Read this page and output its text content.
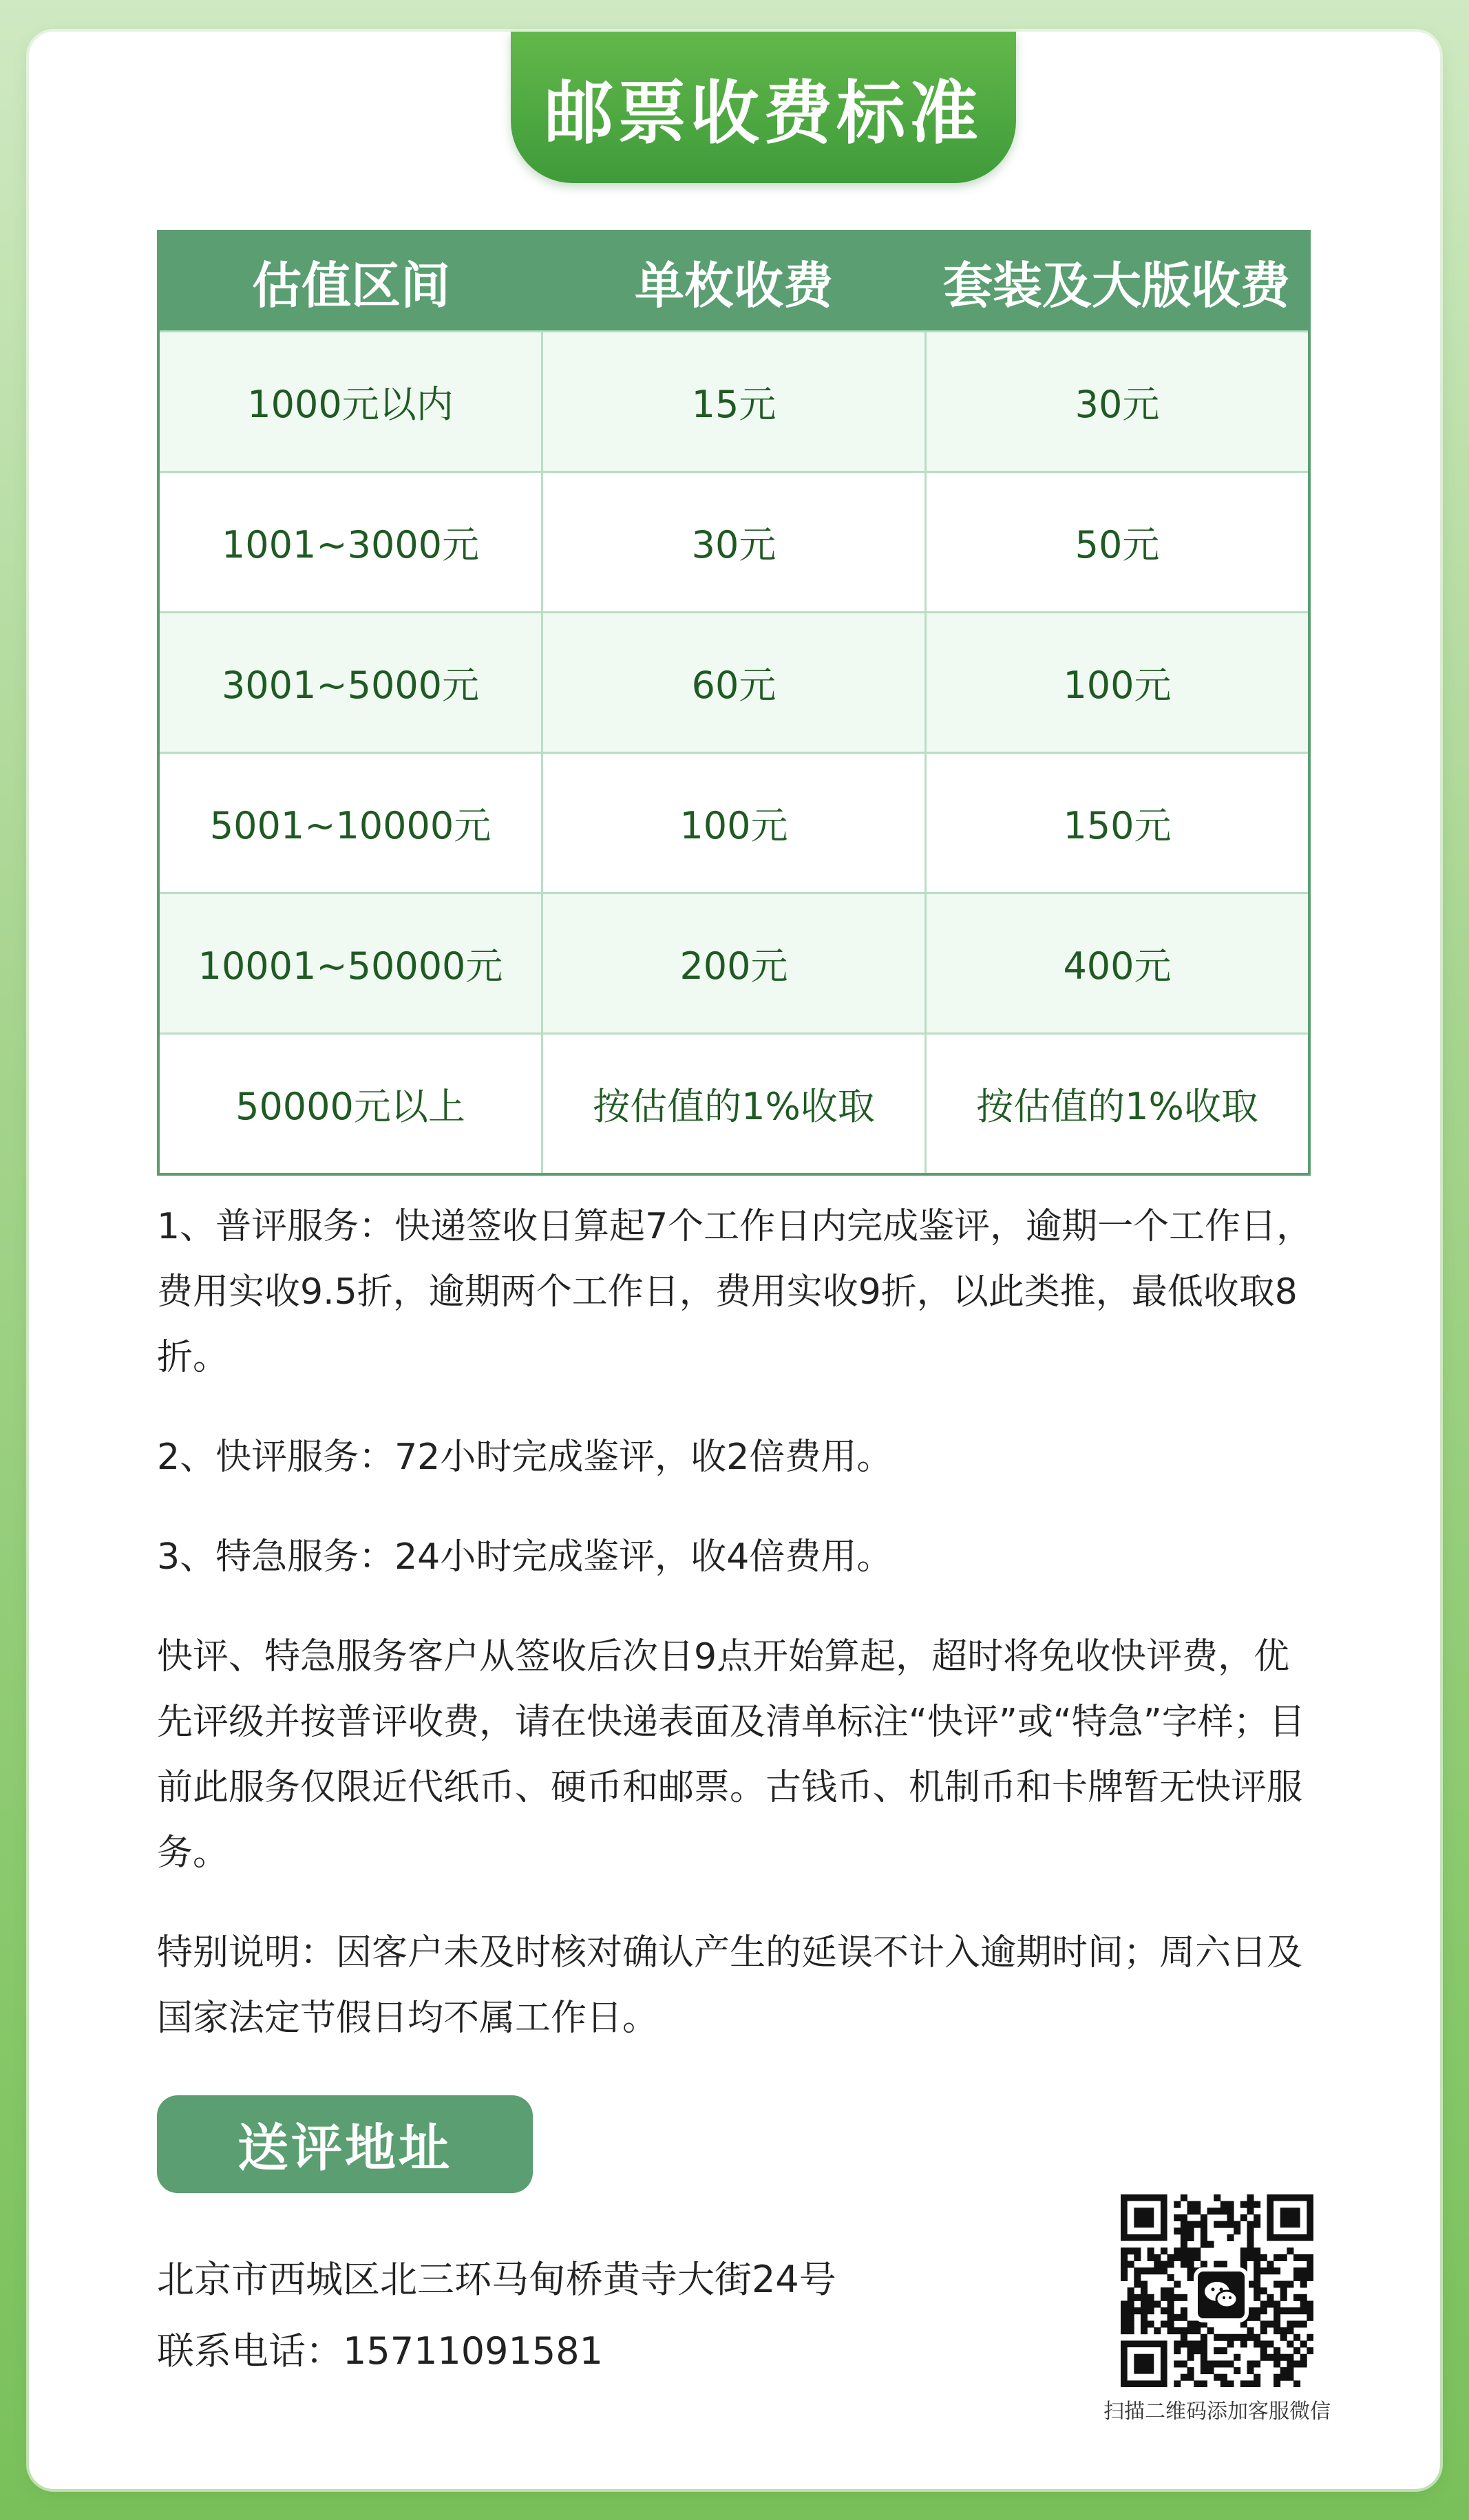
邮票收费标准
估值区间	单枚收费	套装及大版收费
1000元以内	15元	30元
1001~3000元	30元	50元
3001~5000元	60元	100元
5001~10000元	100元	150元
10001~50000元	200元	400元
50000元以上	按估值的1%收取	按估值的1%收取

1、普评服务：快递签收日算起7个工作日内完成鉴评，逾期一个工作日，费用实收9.5折，逾期两个工作日，费用实收9折，以此类推，最低收取8折。

2、快评服务：72小时完成鉴评，收2倍费用。

3、特急服务：24小时完成鉴评，收4倍费用。

快评、特急服务客户从签收后次日9点开始算起，超时将免收快评费，优先评级并按普评收费，请在快递表面及清单标注“快评”或“特急”字样；目前此服务仅限近代纸币、硬币和邮票。古钱币、机制币和卡牌暂无快评服务。

特别说明：因客户未及时核对确认产生的延误不计入逾期时间；周六日及国家法定节假日均不属工作日。

送评地址
北京市西城区北三环马甸桥黄寺大街24号
联系电话：15711091581
扫描二维码添加客服微信
